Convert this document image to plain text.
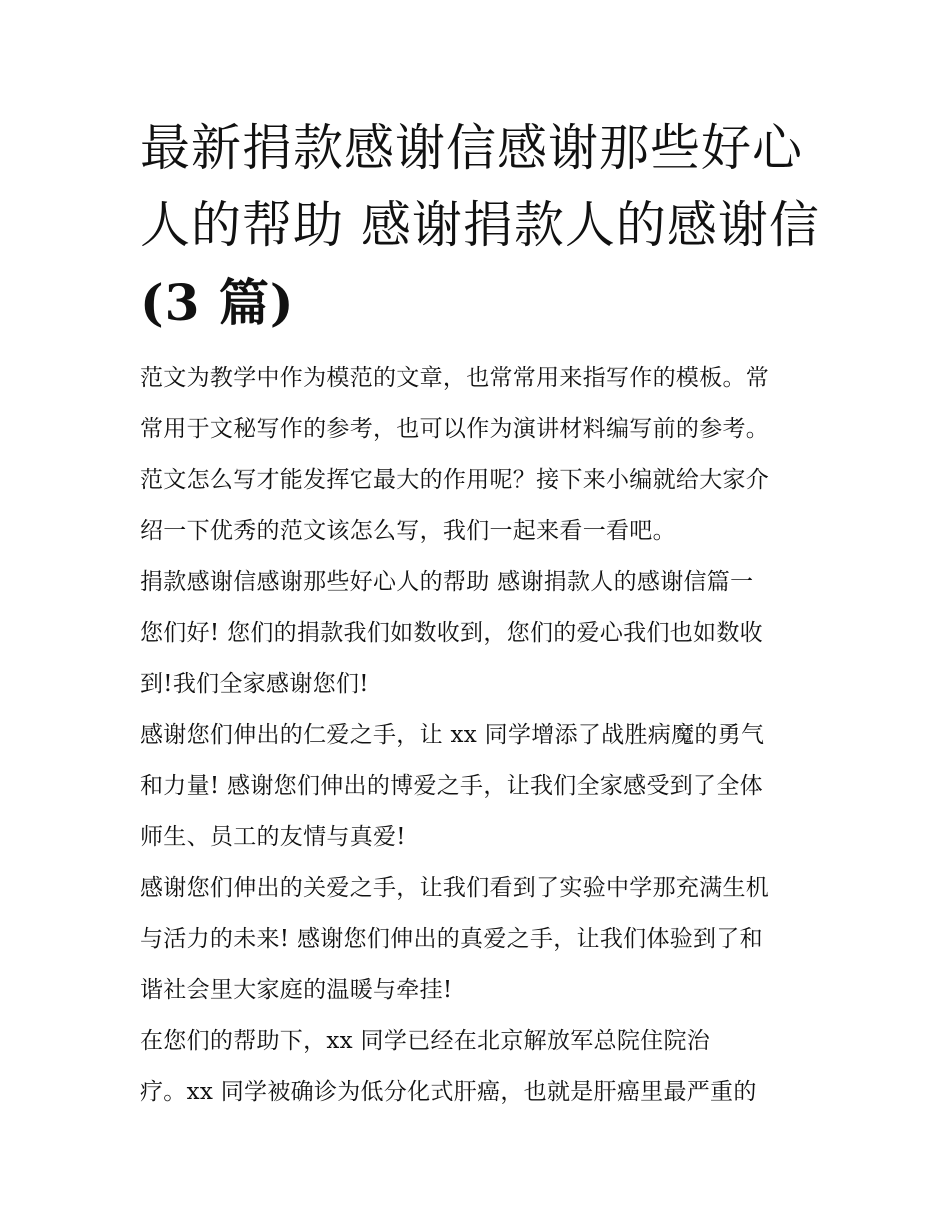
最新捐款感谢信感谢那些好心
人的帮助 感谢捐款人的感谢信
(3 篇)
范文为教学中作为模范的文章，也常常用来指写作的模板。常
常用于文秘写作的参考，也可以作为演讲材料编写前的参考。
范文怎么写才能发挥它最大的作用呢？接下来小编就给大家介
绍一下优秀的范文该怎么写，我们一起来看一看吧。
捐款感谢信感谢那些好心人的帮助 感谢捐款人的感谢信篇一
您们好! 您们的捐款我们如数收到，您们的爱心我们也如数收
到!我们全家感谢您们!
感谢您们伸出的仁爱之手，让 xx 同学增添了战胜病魔的勇气
和力量! 感谢您们伸出的博爱之手，让我们全家感受到了全体
师生、员工的友情与真爱!
感谢您们伸出的关爱之手，让我们看到了实验中学那充满生机
与活力的未来! 感谢您们伸出的真爱之手，让我们体验到了和
谐社会里大家庭的温暖与牵挂!
在您们的帮助下，xx 同学已经在北京解放军总院住院治
疗。xx 同学被确诊为低分化式肝癌，也就是肝癌里最严重的
